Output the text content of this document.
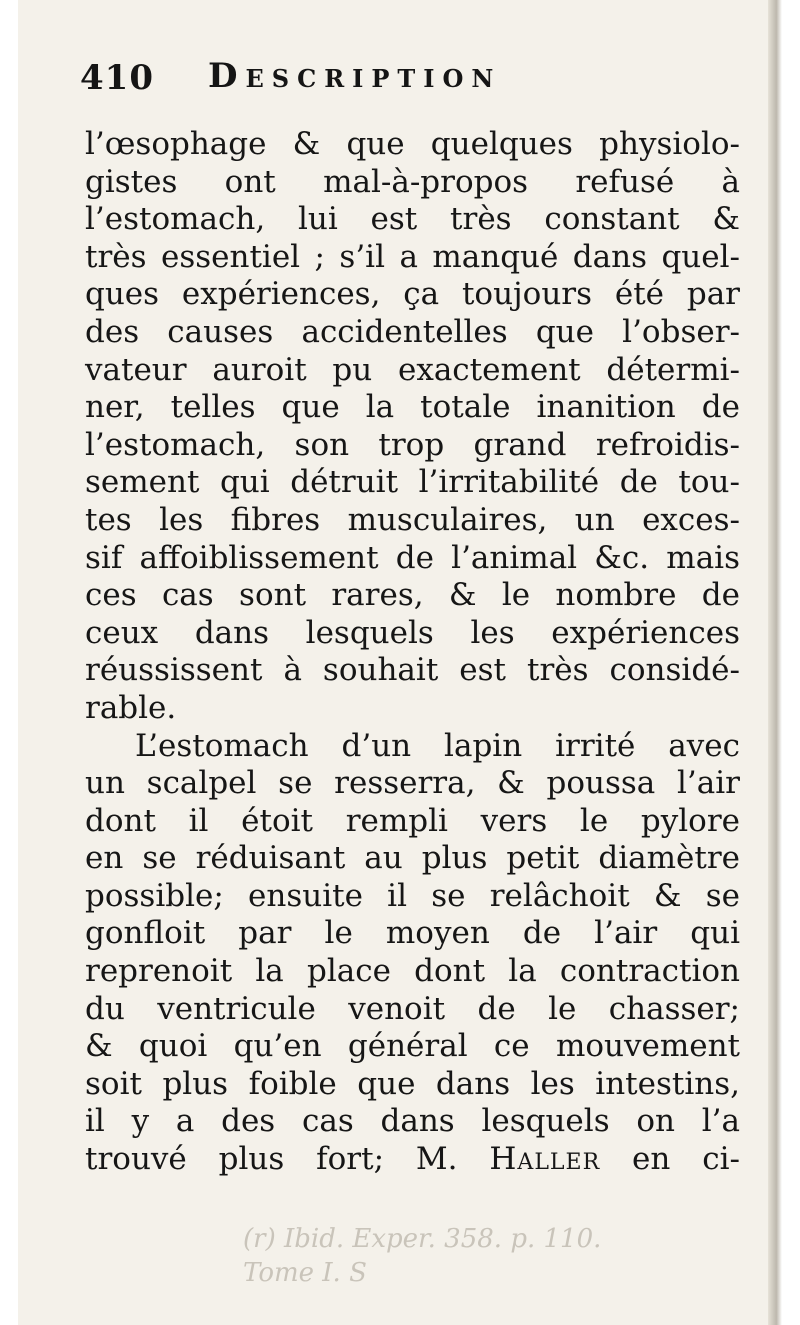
410 Description
l’œsophage & que quelques physiolo-
gistes ont mal-à-propos refusé à
l’estomach, lui est très constant &
très essentiel ; s’il a manqué dans quel-
ques expériences, ça toujours été par
des causes accidentelles que l’obser-
vateur auroit pu exactement détermi-
ner, telles que la totale inanition de
l’estomach, son trop grand refroidis-
sement qui détruit l’irritabilité de tou-
tes les fibres musculaires, un exces-
sif affoiblissement de l’animal &c. mais
ces cas sont rares, & le nombre de
ceux dans lesquels les expériences
réussissent à souhait est très considé-
rable.
L’estomach d’un lapin irrité avec
un scalpel se resserra, & poussa l’air
dont il étoit rempli vers le pylore
en se réduisant au plus petit diamètre
possible; ensuite il se relâchoit & se
gonfloit par le moyen de l’air qui
reprenoit la place dont la contraction
du ventricule venoit de le chasser;
& quoi qu’en général ce mouvement
soit plus foible que dans les intestins,
il y a des cas dans lesquels on l’a
trouvé plus fort; M. Haller en ci-
(r) Ibid. Exper. 358. p. 110.
Tome I. S
